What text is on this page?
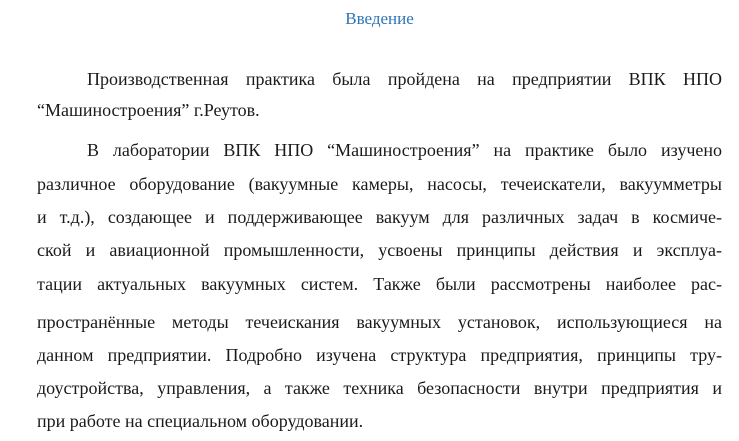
Введение
Производственная практика была пройдена на предприятии ВПК НПО
“Машиностроения” г.Реутов.
В лаборатории ВПК НПО “Машиностроения” на практике было изучено
различное оборудование (вакуумные камеры, насосы, течеискатели, вакуумметры
и т.д.), создающее и поддерживающее вакуум для различных задач в космиче-
ской и авиационной промышленности, усвоены принципы действия и эксплуа-
тации актуальных вакуумных систем. Также были рассмотрены наиболее рас-
пространённые методы течеискания вакуумных установок, использующиеся на
данном предприятии. Подробно изучена структура предприятия, принципы тру-
доустройства, управления, а также техника безопасности внутри предприятия и
при работе на специальном оборудовании.
